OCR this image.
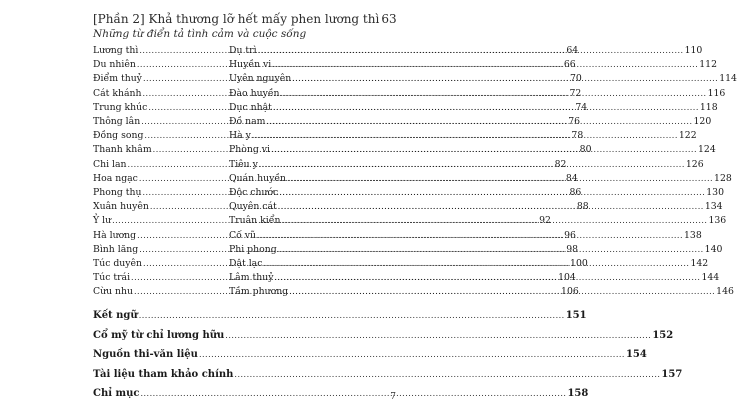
[Phần 2] Khả thương lỡ hết mấy phen lương thì 63
Những từ điển tả tình cảm và cuộc sống
Lương thì .....	64
Du nhiên .....	66
Điểm thuỷ .....	70
Cát khánh .....	72
Trung khúc .....	74
Thông lân .....	76
Đồng song .....	78
Thanh khâm .....	80
Chi lan .....	82
Hoa ngạc .....	84
Phong thụ .....	86
Xuân huyên .....	88
Ỷ lư .....	92
Hà lương .....	96
Bình lăng .....	98
Túc duyên .....	100
Túc trái .....	104
Cừu nhu .....	106
Dụ trì .....	110
Huyền vi .....	112
Uyên nguyên .....	114
Đào huyền .....	116
Dục nhật .....	118
Đồ nam .....	120
Hà y .....	122
Phòng vi .....	124
Tiêu y .....	126
Quán huyền .....	128
Độc chước .....	130
Quyên cát .....	134
Truân kiển .....	136
Cố vũ .....	138
Phi phong .....	140
Dật lạc .....	142
Lâm thuỷ .....	144
Tầm phương .....	146
Kết ngữ .....	151
Cổ mỹ từ chỉ lương hữu .....	152
Nguồn thi-văn liệu .....	154
Tài liệu tham khảo chính .....	157
Chỉ mục .....	158
7
